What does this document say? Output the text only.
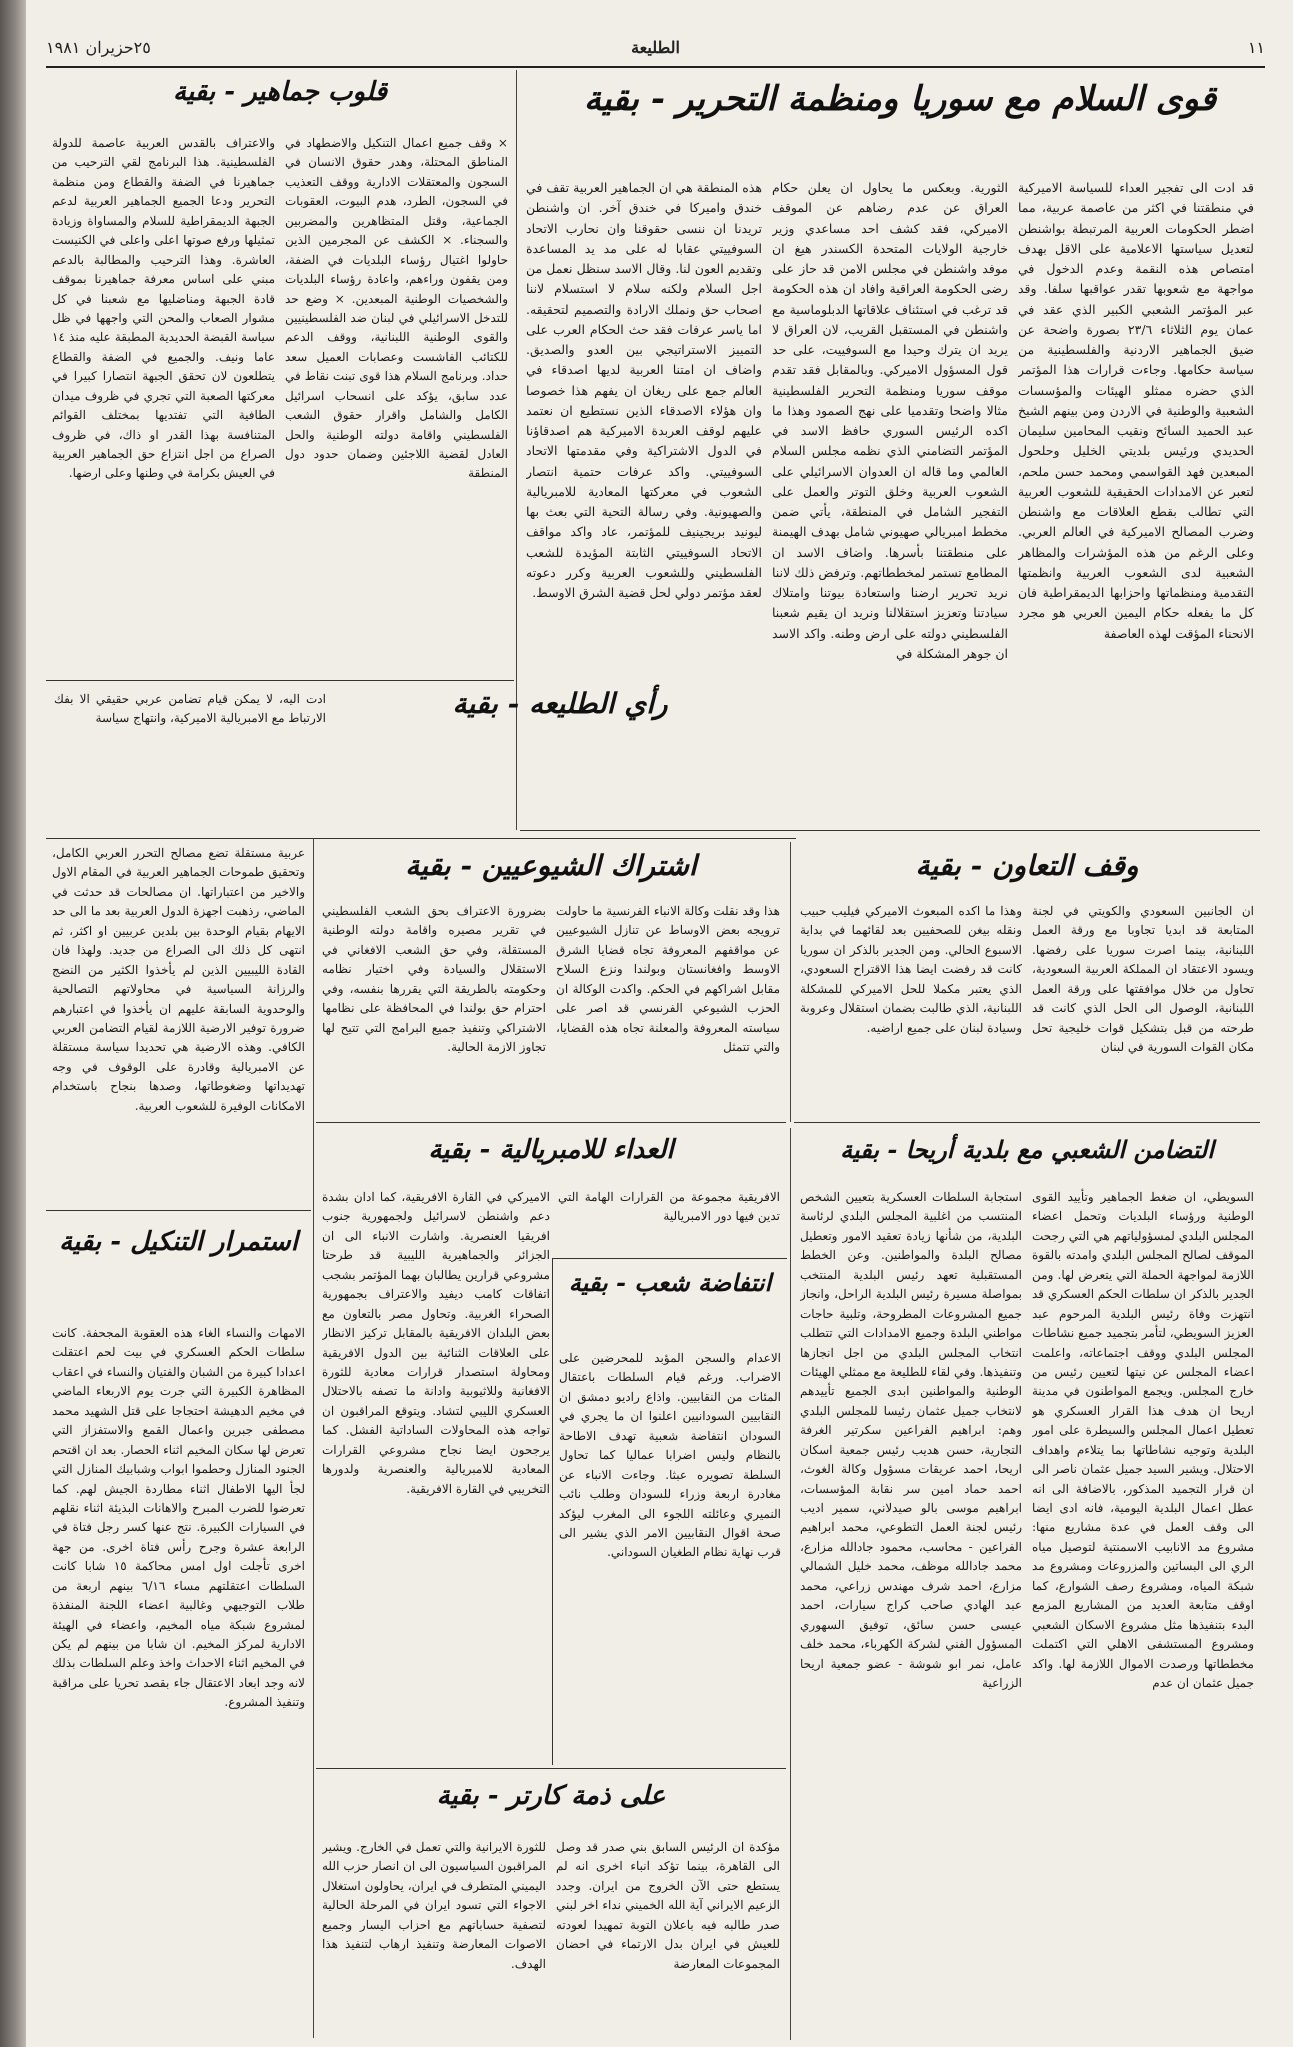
١١
الطليعة
٢٥حزيران ١٩٨١
قوى السلام مع سوريا ومنظمة التحرير - بقية
قد ادت الى تفجير العداء للسياسة الاميركية في منطقتنا في اكثر من عاصمة عربية، مما اضطر الحكومات العربية المرتبطة بواشنطن لتعديل سياستها الاعلامية على الاقل بهدف امتصاص هذه النقمة وعدم الدخول في مواجهة مع شعوبها تقدر عواقبها سلفا. وقد عبر المؤتمر الشعبي الكبير الذي عقد في عمان يوم الثلاثاء ٢٣/٦ بصورة واضحة عن ضيق الجماهير الاردنية والفلسطينية من سياسة حكامها. وجاءت قرارات هذا المؤتمر الذي حضره ممثلو الهيئات والمؤسسات الشعبية والوطنية في الاردن ومن بينهم الشيخ عبد الحميد السائح ونقيب المحامين سليمان الحديدي ورئيس بلديتي الخليل وحلحول المبعدين فهد القواسمي ومحمد حسن ملحم، لتعبر عن الامدادات الحقيقية للشعوب العربية التي تطالب بقطع العلاقات مع واشنطن وضرب المصالح الاميركية في العالم العربي. وعلى الرغم من هذه المؤشرات والمظاهر الشعبية لدى الشعوب العربية وانظمتها التقدمية ومنظماتها واحزابها الديمقراطية فان كل ما يفعله حكام اليمين العربي هو مجرد الانحناء المؤقت لهذه العاصفة
الثورية. وبعكس ما يحاول ان يعلن حكام العراق عن عدم رضاهم عن الموقف الاميركي، فقد كشف احد مساعدي وزير خارجية الولايات المتحدة الكسندر هيغ ان موفد واشنطن في مجلس الامن قد حاز على رضى الحكومة العراقية وافاد ان هذه الحكومة قد ترغب في استئناف علاقاتها الدبلوماسية مع واشنطن في المستقبل القريب، لان العراق لا يريد ان يترك وحيدا مع السوفييت، على حد قول المسؤول الاميركي. وبالمقابل فقد تقدم موقف سوريا ومنظمة التحرير الفلسطينية مثالا واضحا وتقدميا على نهج الصمود وهذا ما اكده الرئيس السوري حافظ الاسد في المؤتمر التضامني الذي نظمه مجلس السلام العالمي وما قاله ان العدوان الاسرائيلي على الشعوب العربية وخلق التوتر والعمل على التفجير الشامل في المنطقة، يأتي ضمن مخطط امبريالي صهيوني شامل بهدف الهيمنة على منطقتنا بأسرها. واضاف الاسد ان المطامع تستمر لمخططاتهم. وترفض ذلك لاننا نريد تحرير ارضنا واستعادة بيوتنا وامتلاك سيادتنا وتعزيز استقلالنا ونريد ان يقيم شعبنا الفلسطيني دولته على ارض وطنه. واكد الاسد ان جوهر المشكلة في
هذه المنطقة هي ان الجماهير العربية تقف في خندق واميركا في خندق آخر. ان واشنطن تريدنا ان ننسى حقوقنا وان نحارب الاتحاد السوفييتي عقابا له على مد يد المساعدة وتقديم العون لنا. وقال الاسد سنظل نعمل من اجل السلام ولكنه سلام لا استسلام لاننا اصحاب حق ونملك الارادة والتصميم لتحقيقه. اما ياسر عرفات فقد حث الحكام العرب على التمييز الاستراتيجي بين العدو والصديق. واضاف ان امتنا العربية لديها اصدقاء في العالم جمع على ريغان ان يفهم هذا خصوصا وان هؤلاء الاصدقاء الذين نستطيع ان نعتمد عليهم لوقف العربدة الاميركية هم اصدقاؤنا في الدول الاشتراكية وفي مقدمتها الاتحاد السوفييتي. واكد عرفات حتمية انتصار الشعوب في معركتها المعادية للامبريالية والصهيونية. وفي رسالة التحية التي بعث بها ليونيد بريجينيف للمؤتمر، عاد واكد مواقف الاتحاد السوفييتي الثابتة المؤيدة للشعب الفلسطيني وللشعوب العربية وكرر دعوته لعقد مؤتمر دولي لحل قضية الشرق الاوسط.
قلوب جماهير - بقية
× وقف جميع اعمال التنكيل والاضطهاد في المناطق المحتلة، وهدر حقوق الانسان في السجون والمعتقلات الادارية ووقف التعذيب في السجون، الطرد، هدم البيوت، العقوبات الجماعية، وقتل المتظاهرين والمضربين والسجناء. × الكشف عن المجرمين الذين حاولوا اغتيال رؤساء البلديات في الضفة، ومن يقفون وراءهم، واعادة رؤساء البلديات والشخصيات الوطنية المبعدين. × وضع حد للتدخل الاسرائيلي في لبنان ضد الفلسطينيين والقوى الوطنية اللبنانية، ووقف الدعم للكتائب الفاشست وعصابات العميل سعد حداد. وبرنامج السلام هذا قوى تبنت نقاط في عدد سابق، يؤكد على انسحاب اسرائيل الكامل والشامل واقرار حقوق الشعب الفلسطيني واقامة دولته الوطنية والحل العادل لقضية اللاجئين وضمان حدود دول المنطقة
والاعتراف بالقدس العربية عاصمة للدولة الفلسطينية. هذا البرنامج لقي الترحيب من جماهيرنا في الضفة والقطاع ومن منظمة التحرير ودعا الجميع الجماهير العربية لدعم الجبهة الديمقراطية للسلام والمساواة وزيادة تمثيلها ورفع صوتها اعلى واعلى في الكنيست العاشرة. وهذا الترحيب والمطالبة بالدعم مبني على اساس معرفة جماهيرنا بموقف قادة الجبهة ومناضليها مع شعبنا في كل مشوار الصعاب والمحن التي واجهها في ظل سياسة القبضة الحديدية المطبقة عليه منذ ١٤ عاما ونيف. والجميع في الضفة والقطاع يتطلعون لان تحقق الجبهة انتصارا كبيرا في معركتها الصعبة التي تجري في ظروف ميدان الطافية التي تفتديها بمختلف القوائم المتنافسة بهذا القدر او ذاك، في ظروف الصراع من اجل انتزاع حق الجماهير العربية في العيش بكرامة في وطنها وعلى ارضها.
رأي الطليعه - بقية
ادت اليه، لا يمكن قيام تضامن عربي حقيقي الا بفك الارتباط مع الامبريالية الاميركية، وانتهاج سياسة
عربية مستقلة تضع مصالح التحرر العربي الكامل، وتحقيق طموحات الجماهير العربية في المقام الاول والاخير من اعتباراتها. ان مصالحات قد حدثت في الماضي، رذهبت اجهزة الدول العربية بعد ما الى حد الايهام بقيام الوحدة بين بلدين عربيين او اكثر، ثم انتهى كل ذلك الى الصراع من جديد. ولهذا فان القادة الليبيين الذين لم يأخذوا الكثير من النضج والرزانة السياسية في محاولاتهم التصالحية والوحدوية السابقة عليهم ان يأخذوا في اعتبارهم ضرورة توفير الارضية اللازمة لقيام التضامن العربي الكافي. وهذه الارضية هي تحديدا سياسة مستقلة عن الامبريالية وقادرة على الوقوف في وجه تهديداتها وضغوطاتها، وصدها بنجاح باستخدام الامكانات الوفيرة للشعوب العربية.
وقف التعاون - بقية
ان الجانبين السعودي والكويتي في لجنة المتابعة قد ابديا تجاوبا مع ورقة العمل اللبنانية، بينما اصرت سوريا على رفضها. ويسود الاعتقاد ان المملكة العربية السعودية، تحاول من خلال موافقتها على ورقة العمل اللبنانية، الوصول الى الحل الذي كانت قد طرحته من قبل بتشكيل قوات خليجية تحل مكان القوات السورية في لبنان
وهذا ما اكده المبعوث الاميركي فيليب حبيب ونقله بيغن للصحفيين بعد لقائهما في بداية الاسبوع الحالي. ومن الجدير بالذكر ان سوريا كانت قد رفضت ايضا هذا الاقتراح السعودي، الذي يعتبر مكملا للحل الاميركي للمشكلة اللبنانية، الذي طالبت بضمان استقلال وعروبة وسيادة لبنان على جميع اراضيه.
اشتراك الشيوعيين - بقية
هذا وقد نقلت وكالة الانباء الفرنسية ما حاولت ترويجه بعض الاوساط عن تنازل الشيوعيين عن مواقفهم المعروفة تجاه قضايا الشرق الاوسط وافغانستان وبولندا ونزع السلاح مقابل اشراكهم في الحكم. واكدت الوكالة ان الحزب الشيوعي الفرنسي قد اصر على سياسته المعروفة والمعلنة تجاه هذه القضايا، والتي تتمثل
بضرورة الاعتراف بحق الشعب الفلسطيني في تقرير مصيره واقامة دولته الوطنية المستقلة، وفي حق الشعب الافغاني في الاستقلال والسيادة وفي اختيار نظامه وحكومته بالطريقة التي يقررها بنفسه، وفي احترام حق بولندا في المحافظة على نظامها الاشتراكي وتنفيذ جميع البرامج التي تتيح لها تجاوز الازمة الحالية.
التضامن الشعبي مع بلدية أريحا - بقية
السويطي، ان ضغط الجماهير وتأييد القوى الوطنية ورؤساء البلديات وتحمل اعضاء المجلس البلدي لمسؤولياتهم هي التي رجحت الموقف لصالح المجلس البلدي وامدته بالقوة اللازمة لمواجهة الحملة التي يتعرض لها. ومن الجدير بالذكر ان سلطات الحكم العسكري قد انتهزت وفاة رئيس البلدية المرحوم عبد العزيز السويطي، لتأمر بتجميد جميع نشاطات المجلس البلدي ووقف اجتماعاته، واعلمت اعضاء المجلس عن نيتها لتعيين رئيس من خارج المجلس. ويجمع المواطنون في مدينة اريحا ان هدف هذا القرار العسكري هو تعطيل اعمال المجلس والسيطرة على امور البلدية وتوجيه نشاطاتها بما يتلاءم واهداف الاحتلال. ويشير السيد جميل عثمان ناصر الى ان قرار التجميد المذكور، بالاضافة الى انه عطل اعمال البلدية اليومية، فانه ادى ايضا الى وقف العمل في عدة مشاريع منها: مشروع مد الانابيب الاسمنتية لتوصيل مياه الري الى البساتين والمزروعات ومشروع مد شبكة المياه، ومشروع رصف الشوارع، كما اوقف متابعة العديد من المشاريع المزمع البدء بتنفيذها مثل مشروع الاسكان الشعبي ومشروع المستشفى الاهلي التي اكتملت مخططاتها ورصدت الاموال اللازمة لها. واكد جميل عثمان ان عدم
استجابة السلطات العسكرية بتعيين الشخص المنتسب من اغلبية المجلس البلدي لرئاسة البلدية، من شأنها زيادة تعقيد الامور وتعطيل مصالح البلدة والمواطنين. وعن الخطط المستقبلية تعهد رئيس البلدية المنتخب بمواصلة مسيرة رئيس البلدية الراحل، وانجاز جميع المشروعات المطروحة، وتلبية حاجات مواطني البلدة وجميع الامدادات التي تتطلب انتخاب المجلس البلدي من اجل انجازها وتنفيذها. وفي لقاء للطليعة مع ممثلي الهيئات الوطنية والمواطنين ابدى الجميع تأييدهم لانتخاب جميل عثمان رئيسا للمجلس البلدي وهم: ابراهيم الفراعين سكرتير الغرفة التجارية، حسن هديب رئيس جمعية اسكان اريحا، احمد عريقات مسؤول وكالة الغوث، احمد حماد امين سر نقابة المؤسسات، ابراهيم موسى بالو صيدلاني، سمير اديب رئيس لجنة العمل التطوعي، محمد ابراهيم الفراعين - محاسب، محمود جادالله مزارع، محمد جادالله موظف، محمد خليل الشمالي مزارع، احمد شرف مهندس زراعي، محمد عبد الهادي صاحب كراج سيارات، احمد عيسى حسن سائق، توفيق السهوري المسؤول الفني لشركة الكهرباء، محمد خلف عامل، نمر ابو شوشة - عضو جمعية اريحا الزراعية
العداء للامبريالية - بقية
الاميركي في القارة الافريقية، كما ادان بشدة دعم واشنطن لاسرائيل ولجمهورية جنوب افريقيا العنصرية. واشارت الانباء الى ان الجزائر والجماهيرية الليبية قد طرحتا مشروعي قرارين يطالبان بهما المؤتمر بشجب اتفاقات كامب ديفيد والاعتراف بجمهورية الصحراء الغربية. وتحاول مصر بالتعاون مع بعض البلدان الافريقية بالمقابل تركيز الانظار على العلاقات الثنائية بين الدول الافريقية ومحاولة استصدار قرارات معادية للثورة الافغانية وللاثيوبية وادانة ما تصفه بالاحتلال العسكري الليبي لتشاد. ويتوقع المراقبون ان تواجه هذه المحاولات الساداتية الفشل. كما يرجحون ايضا نجاح مشروعي القرارات المعادية للامبريالية والعنصرية ولدورها التخريبي في القارة الافريقية.
الافريقية مجموعة من القرارات الهامة التي تدين فيها دور الامبريالية
انتفاضة شعب - بقية
الاعدام والسجن المؤبد للمحرضين على الاضراب. ورغم قيام السلطات باعتقال المئات من النقابيين. واذاع راديو دمشق ان النقابيين السودانيين اعلنوا ان ما يجري في السودان انتفاضة شعبية تهدف الاطاحة بالنظام وليس اضرابا عماليا كما تحاول السلطة تصويره عبثا. وجاءت الانباء عن مغادرة اربعة وزراء للسودان وطلب نائب النميري وعائلته اللجوء الى المغرب ليؤكد صحة اقوال النقابيين الامر الذي يشير الى قرب نهاية نظام الطغيان السوداني.
استمرار التنكيل - بقية
الامهات والنساء الغاء هذه العقوبة المجحفة. كانت سلطات الحكم العسكري في بيت لحم اعتقلت اعدادا كبيرة من الشبان والفتيان والنساء في اعقاب المظاهرة الكبيرة التي جرت يوم الاربعاء الماضي في مخيم الدهيشة احتجاجا على قتل الشهيد محمد مصطفى جبرين واعمال القمع والاستفزاز التي تعرض لها سكان المخيم اثناء الحصار. بعد ان اقتحم الجنود المنازل وحطموا ابواب وشبابيك المنازل التي لجأ اليها الاطفال اثناء مطاردة الجيش لهم. كما تعرضوا للضرب المبرح والاهانات البذيئة اثناء نقلهم في السيارات الكبيرة. نتج عنها كسر رجل فتاة في الرابعة عشرة وجرح رأس فتاة اخرى. من جهة اخرى تأجلت اول امس محاكمة ١٥ شابا كانت السلطات اعتقلتهم مساء ٦/١٦ بينهم اربعة من طلاب التوجيهي وغالبية اعضاء اللجنة المنفذة لمشروع شبكة مياه المخيم، واعضاء في الهيئة الادارية لمركز المخيم. ان شابا من بينهم لم يكن في المخيم اثناء الاحداث واخذ وعلم السلطات بذلك لانه وجد ابعاد الاعتقال جاء بقصد تحريا على مراقبة وتنفيذ المشروع.
على ذمة كارتر - بقية
مؤكدة ان الرئيس السابق بني صدر قد وصل الى القاهرة، بينما تؤكد انباء اخرى انه لم يستطع حتى الآن الخروج من ايران. وجدد الزعيم الايراني آية الله الخميني نداء اخر لبني صدر طالبه فيه باعلان التوبة تمهيدا لعودته للعيش في ايران بدل الارتماء في احضان المجموعات المعارضة
للثورة الايرانية والتي تعمل في الخارج. ويشير المراقبون السياسيون الى ان انصار حزب الله اليميني المتطرف في ايران، يحاولون استغلال الاجواء التي تسود ايران في المرحلة الحالية لتصفية حساباتهم مع احزاب اليسار وجميع الاصوات المعارضة وتنفيذ ارهاب لتنفيذ هذا الهدف.
